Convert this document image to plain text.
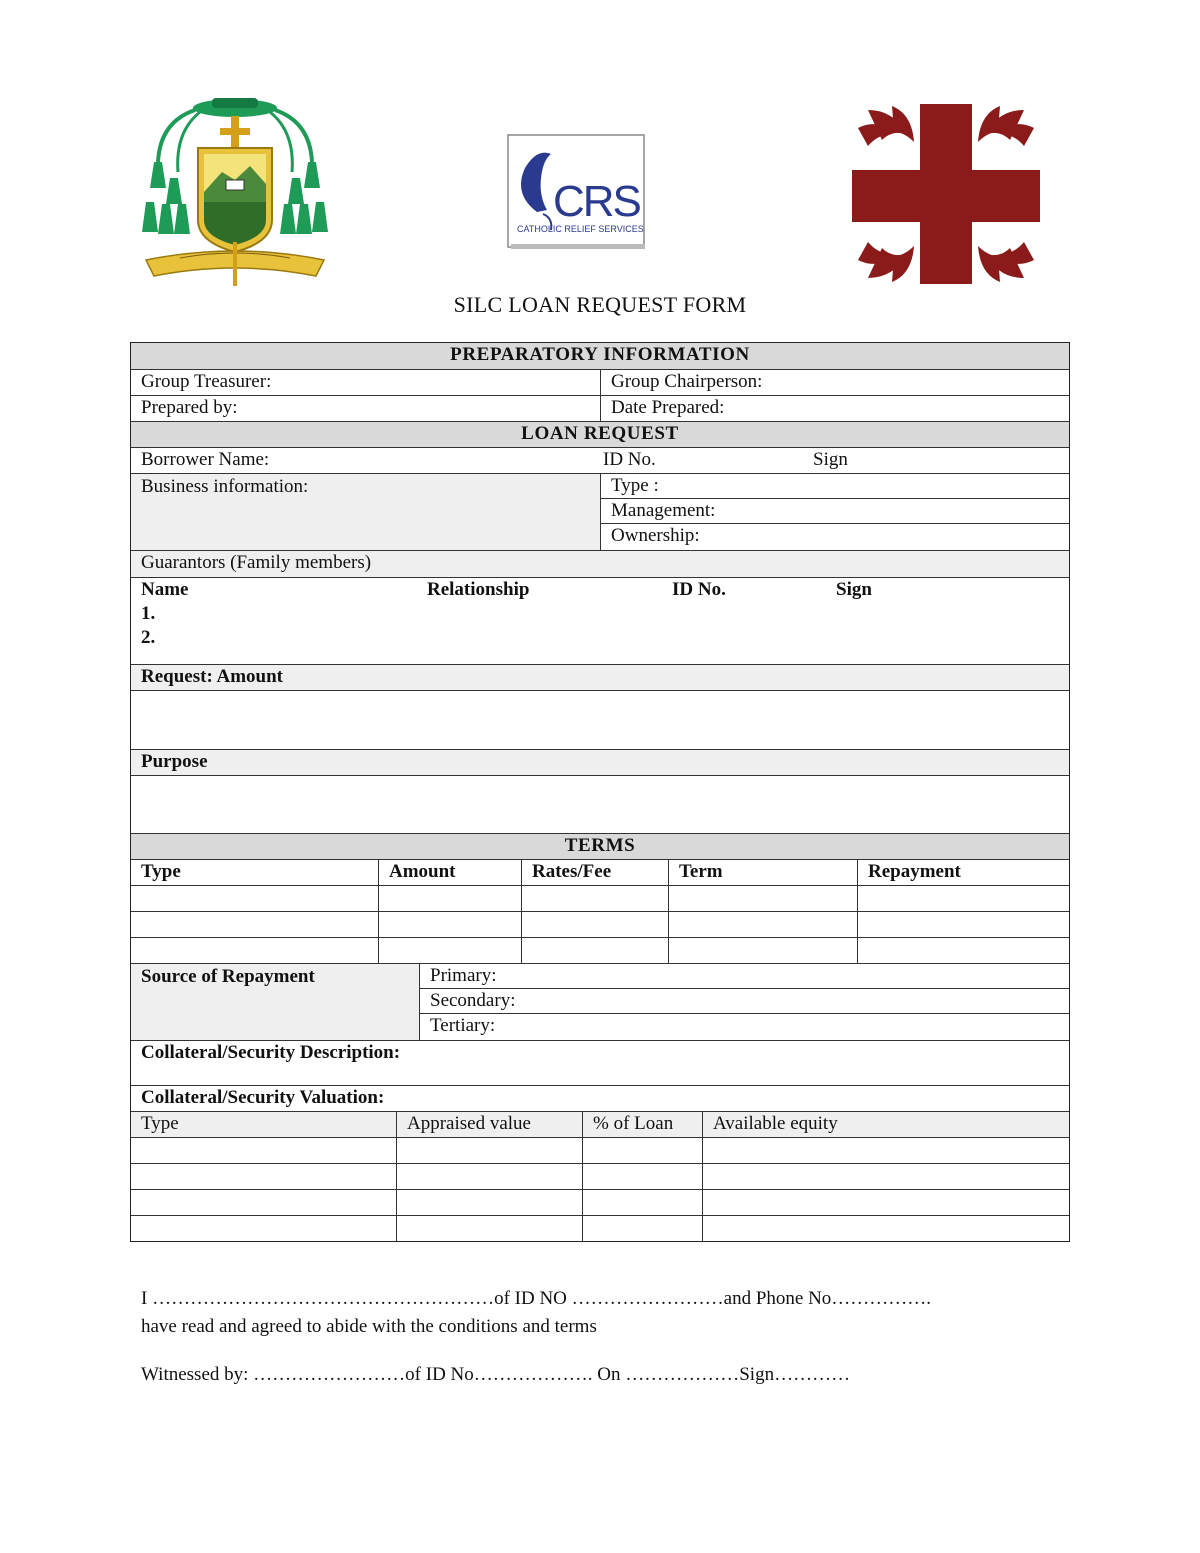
CRS
CATHOLIC RELIEF SERVICES
SILC LOAN REQUEST FORM
PREPARATORY INFORMATION
Group Treasurer:	Group Chairperson:
Prepared by:	Date Prepared:
LOAN REQUEST
Borrower Name:	ID No.	Sign
Business information:	Type :
Management:
Ownership:
Guarantors (Family members)
Name	Relationship	ID No.	Sign
1.
2.
Request: Amount
Purpose
TERMS
Type	Amount	Rates/Fee	Term	Repayment
Source of Repayment	Primary:
Secondary:
Tertiary:
Collateral/Security Description:
Collateral/Security Valuation:
Type	Appraised value	% of Loan	Available equity
I ………………………………………………of ID NO ……………………and Phone No…………….
have read and agreed to abide with the conditions and terms
Witnessed by: ……………………of ID No………………. On ………………Sign…………
